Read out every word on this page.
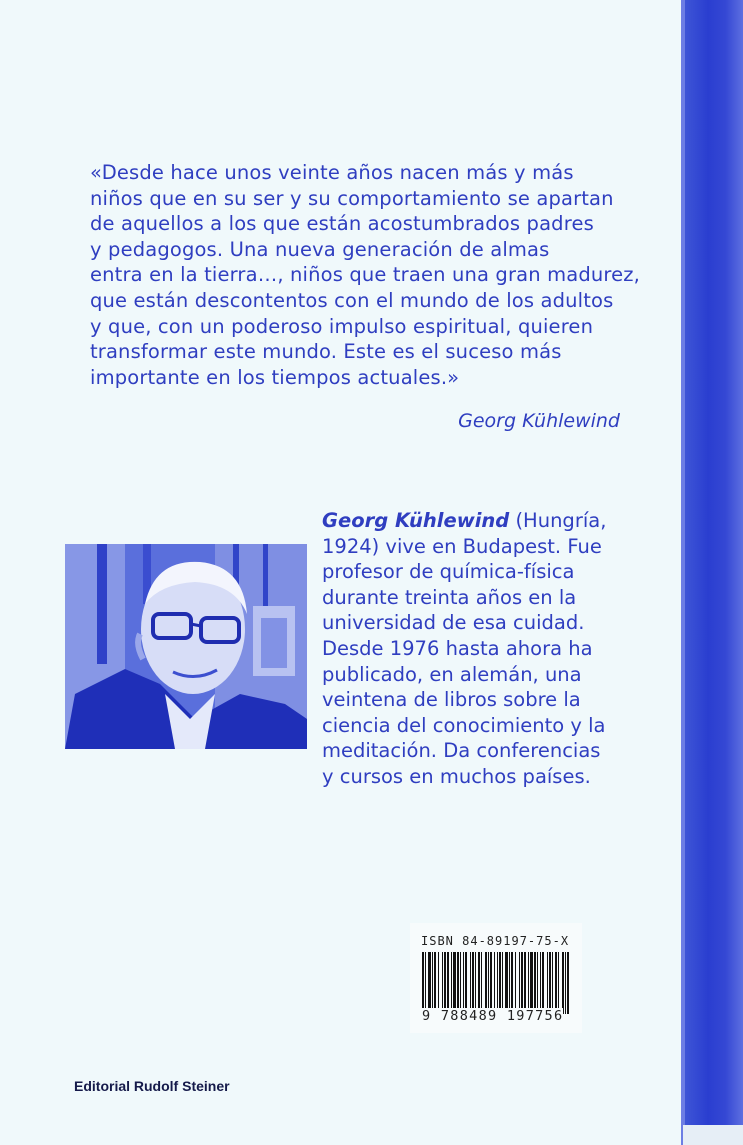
«Desde hace unos veinte años nacen más y más
niños que en su ser y su comportamiento se apartan
de aquellos a los que están acostumbrados padres
y pedagogos. Una nueva generación de almas
entra en la tierra…, niños que traen una gran madurez,
que están descontentos con el mundo de los adultos
y que, con un poderoso impulso espiritual, quieren
transformar este mundo. Este es el suceso más
importante en los tiempos actuales.»
Georg Kühlewind
Georg Kühlewind (Hungría,
1924) vive en Budapest. Fue
profesor de química-física
durante treinta años en la
universidad de esa cuidad.
Desde 1976 hasta ahora ha
publicado, en alemán, una
veintena de libros sobre la
ciencia del conocimiento y la
meditación. Da conferencias
y cursos en muchos países.
ISBN 84-89197-75-X
9 788489 197756
Editorial Rudolf Steiner
